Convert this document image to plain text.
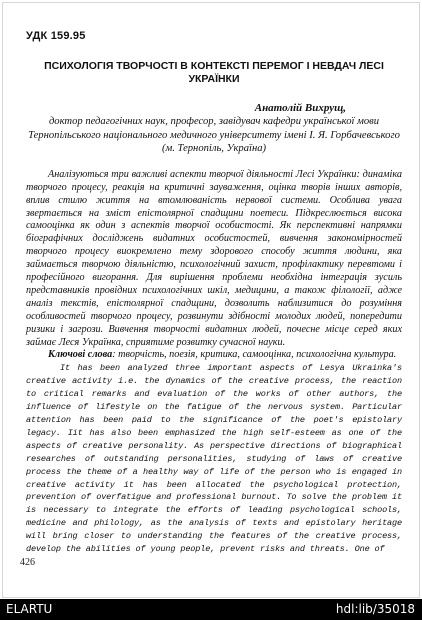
УДК 159.95

ПСИХОЛОГІЯ ТВОРЧОСТІ В КОНТЕКСТІ ПЕРЕМОГ І НЕВДАЧ ЛЕСІ УКРАЇНКИ

Анатолій Вихрущ,

доктор педагогічних наук, професор, завідувач кафедри української мови Тернопільського національного медичного університету імені І. Я. Горбачевського (м. Тернопіль, Україна)

Аналізуються три важливі аспекти творчої діяльності Лесі Українки: динаміка творчого процесу, реакція на критичні зауваження, оцінка творів інших авторів, вплив стилю життя на втомлюваність нервової системи. Особлива увага звертається на зміст епістолярної спадщини поетеси. Підкреслюється висока самооцінка як один з аспектів творчої особистості. Як перспективні напрямки біографічних досліджень видатних особистостей, вивчення закономірностей творчого процесу виокремлено тему здорового способу життя людини, яка займається творчою діяльністю, психологічний захист, профілактику перевтоми і професійного вигорання. Для вирішення проблеми необхідна інтеграція зусиль представників провідних психологічних шкіл, медицини, а також філології, адже аналіз текстів, епістолярної спадщини, дозволить наблизитися до розуміння особливостей творчого процесу, розвинути здібності молодих людей, попередити ризики і загрози. Вивчення творчості видатних людей, почесне місце серед яких займає Леся Українка, сприятиме розвитку сучасної науки.

Ключові слова: творчість, поезія, критика, самооцінка, психологічна культура.

It has been analyzed three important aspects of Lesya Ukrainka's creative activity i.e. the dynamics of the creative process, the reaction to critical remarks and evaluation of the works of other authors, the influence of lifestyle on the fatigue of the nervous system. Particular attention has been paid to the significance of the poet's epistolary legacy. Iit has also been emphasized the high self-esteem as one of the aspects of creative personality. As perspective directions of biographical researches of outstanding personalities, studying of laws of creative process the theme of a healthy way of life of the person who is engaged in creative activity it has been allocated the psychological protection, prevention of overfatigue and professional burnout. To solve the problem it is necessary to integrate the efforts of leading psychological schools, medicine and philology, as the analysis of texts and epistolary heritage will bring closer to understanding the features of the creative process, develop the abilities of young people, prevent risks and threats. One of

426
ELARTU	hdl:lib/35018
